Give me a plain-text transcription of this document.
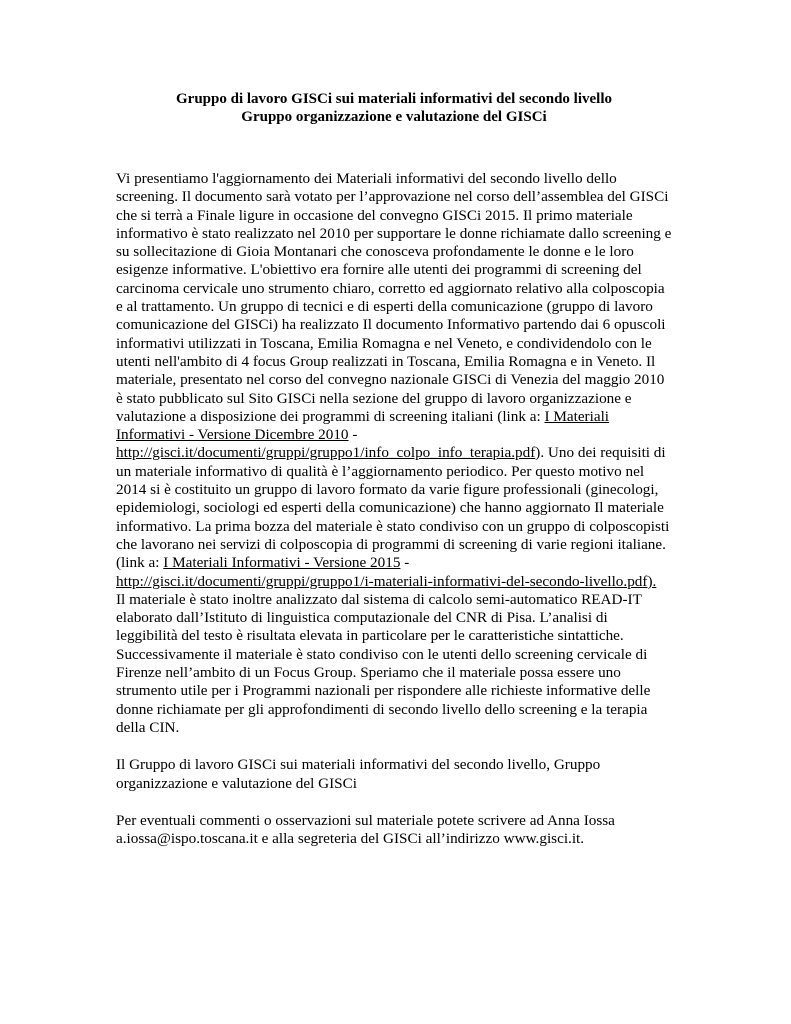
Gruppo di lavoro GISCi sui materiali informativi del secondo livello

Gruppo organizzazione e valutazione del GISCi

Vi presentiamo l'aggiornamento dei Materiali informativi del secondo livello dello screening. Il documento sarà votato per l’approvazione nel corso dell’assemblea del GISCi che si terrà a Finale ligure in occasione del convegno GISCi 2015. Il primo materiale informativo è stato realizzato nel 2010 per supportare le donne richiamate dallo screening e su sollecitazione di Gioia Montanari che conosceva profondamente le donne e le loro esigenze informative. L'obiettivo era fornire alle utenti dei programmi di screening del carcinoma cervicale uno strumento chiaro, corretto ed aggiornato relativo alla colposcopia e al trattamento. Un gruppo di tecnici e di esperti della comunicazione (gruppo di lavoro comunicazione del GISCi) ha realizzato Il documento Informativo partendo dai 6 opuscoli informativi utilizzati in Toscana, Emilia Romagna e nel Veneto, e condividendolo con le utenti nell'ambito di 4 focus Group realizzati in Toscana, Emilia Romagna e in Veneto. Il materiale, presentato nel corso del convegno nazionale GISCi di Venezia del maggio 2010 è stato pubblicato sul Sito GISCi nella sezione del gruppo di lavoro organizzazione e valutazione a disposizione dei programmi di screening italiani (link a: I Materiali Informativi - Versione Dicembre 2010 -
http://gisci.it/documenti/gruppi/gruppo1/info_colpo_info_terapia.pdf). Uno dei requisiti di un materiale informativo di qualità è l’aggiornamento periodico. Per questo motivo nel 2014 si è costituito un gruppo di lavoro formato da varie figure professionali (ginecologi, epidemiologi, sociologi ed esperti della comunicazione) che hanno aggiornato Il materiale informativo. La prima bozza del materiale è stato condiviso con un gruppo di colposcopisti che lavorano nei servizi di colposcopia di programmi di screening di varie regioni italiane. (link a: I Materiali Informativi - Versione 2015 -
http://gisci.it/documenti/gruppi/gruppo1/i-materiali-informativi-del-secondo-livello.pdf).
Il materiale è stato inoltre analizzato dal sistema di calcolo semi-automatico READ-IT elaborato dall’Istituto di linguistica computazionale del CNR di Pisa. L’analisi di leggibilità del testo è risultata elevata in particolare per le caratteristiche sintattiche. Successivamente il materiale è stato condiviso con le utenti dello screening cervicale di Firenze nell’ambito di un Focus Group. Speriamo che il materiale possa essere uno strumento utile per i Programmi nazionali per rispondere alle richieste informative delle donne richiamate per gli approfondimenti di secondo livello dello screening e la terapia della CIN.

Il Gruppo di lavoro GISCi sui materiali informativi del secondo livello, Gruppo organizzazione e valutazione del GISCi

Per eventuali commenti o osservazioni sul materiale potete scrivere ad Anna Iossa a.iossa@ispo.toscana.it e alla segreteria del GISCi all’indirizzo www.gisci.it.
